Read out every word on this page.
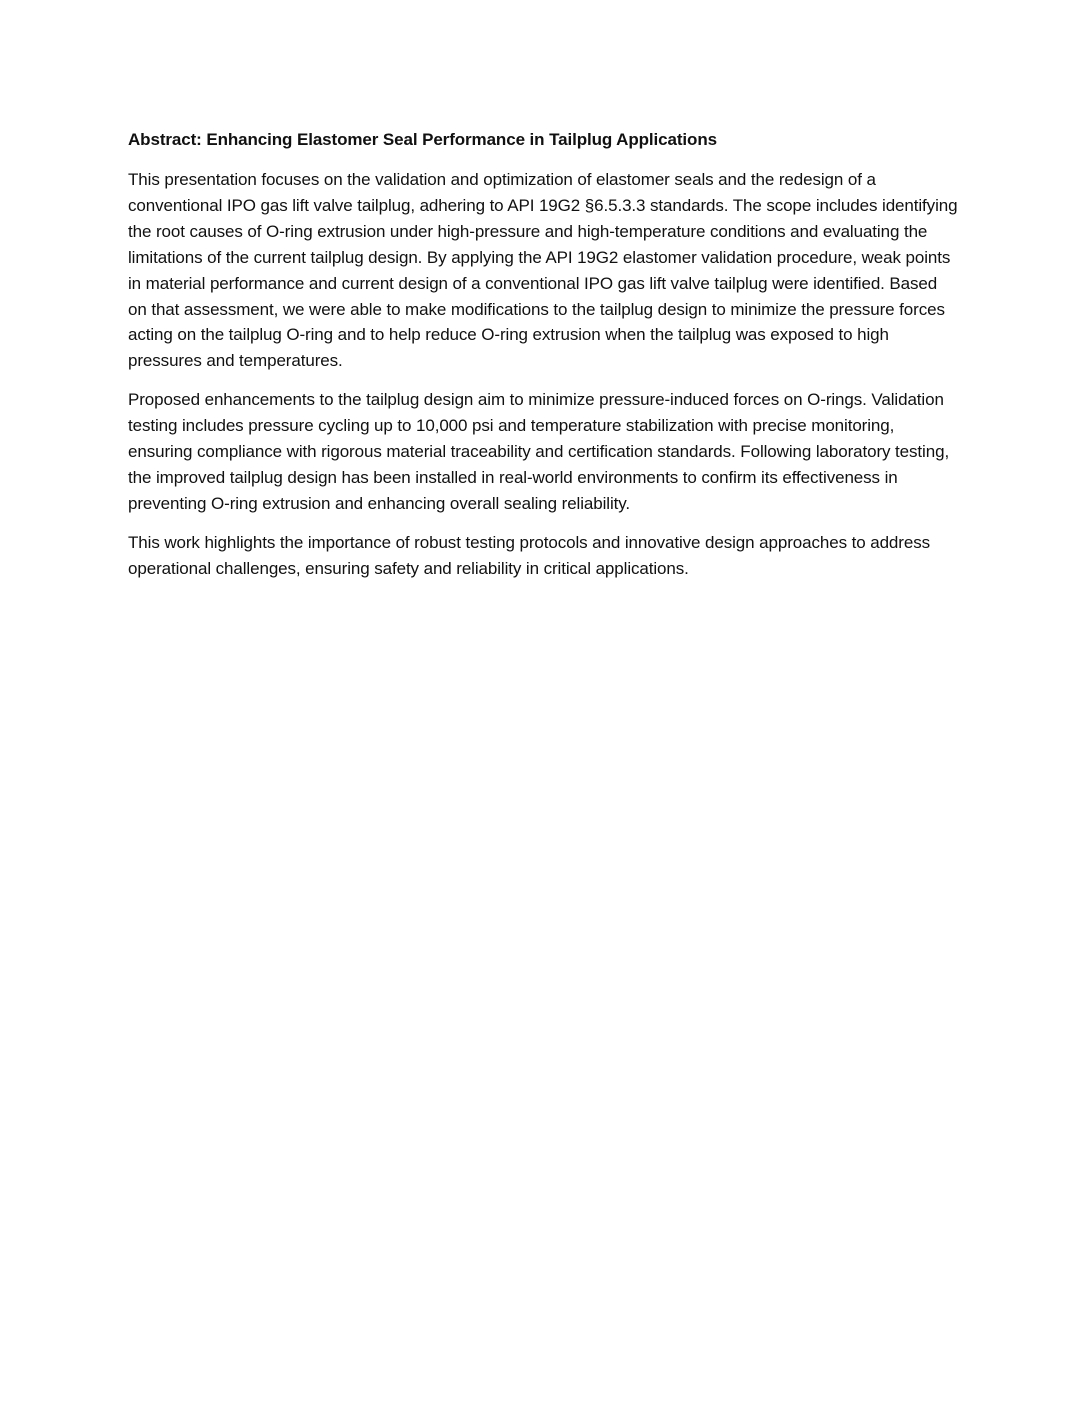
Abstract: Enhancing Elastomer Seal Performance in Tailplug Applications

This presentation focuses on the validation and optimization of elastomer seals and the redesign of a conventional IPO gas lift valve tailplug, adhering to API 19G2 §6.5.3.3 standards. The scope includes identifying the root causes of O-ring extrusion under high-pressure and high-temperature conditions and evaluating the limitations of the current tailplug design. By applying the API 19G2 elastomer validation procedure, weak points in material performance and current design of a conventional IPO gas lift valve tailplug were identified. Based on that assessment, we were able to make modifications to the tailplug design to minimize the pressure forces acting on the tailplug O-ring and to help reduce O-ring extrusion when the tailplug was exposed to high pressures and temperatures.

Proposed enhancements to the tailplug design aim to minimize pressure-induced forces on O-rings. Validation testing includes pressure cycling up to 10,000 psi and temperature stabilization with precise monitoring, ensuring compliance with rigorous material traceability and certification standards. Following laboratory testing, the improved tailplug design has been installed in real-world environments to confirm its effectiveness in preventing O-ring extrusion and enhancing overall sealing reliability.

This work highlights the importance of robust testing protocols and innovative design approaches to address operational challenges, ensuring safety and reliability in critical applications.
